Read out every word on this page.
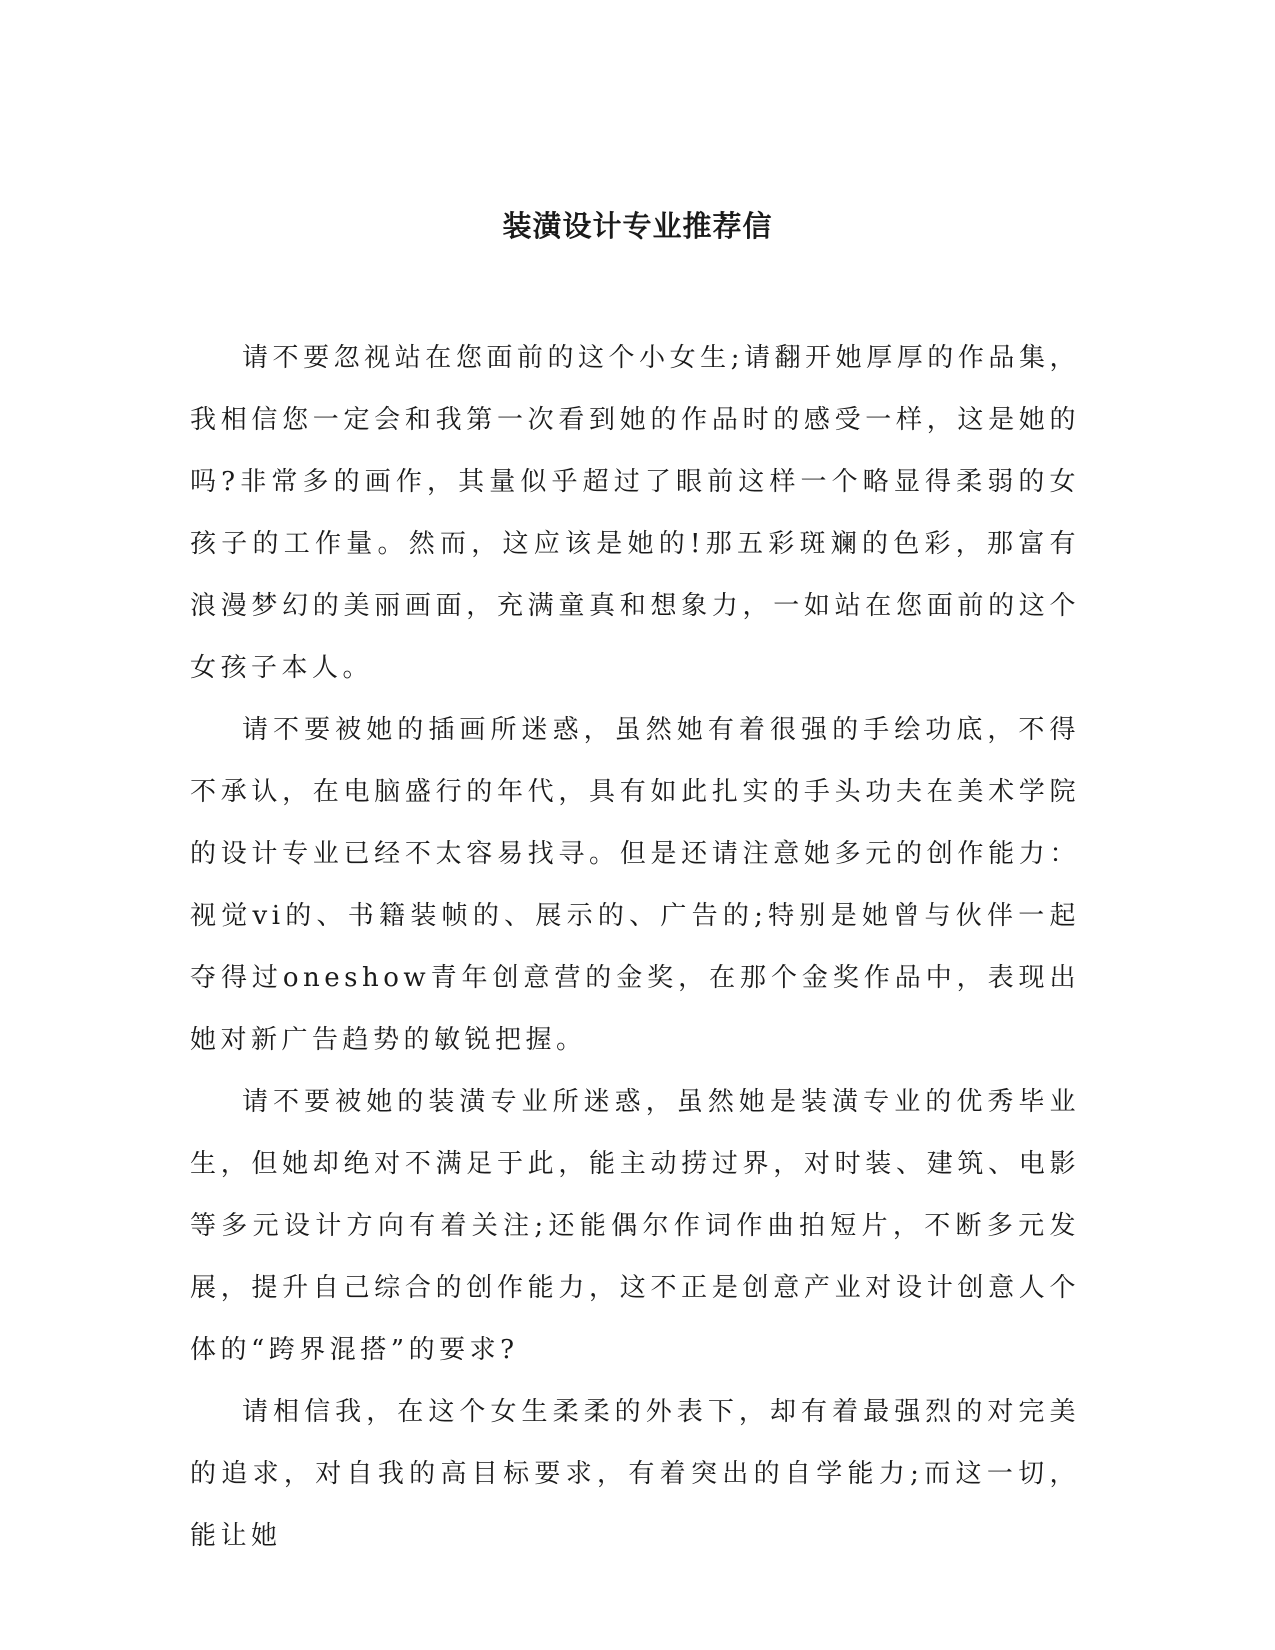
装潢设计专业推荐信

请不要忽视站在您面前的这个小女生;请翻开她厚厚的作品集，我相信您一定会和我第一次看到她的作品时的感受一样，这是她的吗?非常多的画作，其量似乎超过了眼前这样一个略显得柔弱的女孩子的工作量。然而，这应该是她的!那五彩斑斓的色彩，那富有浪漫梦幻的美丽画面，充满童真和想象力，一如站在您面前的这个女孩子本人。

请不要被她的插画所迷惑，虽然她有着很强的手绘功底，不得不承认，在电脑盛行的年代，具有如此扎实的手头功夫在美术学院的设计专业已经不太容易找寻。但是还请注意她多元的创作能力：视觉vi的、书籍装帧的、展示的、广告的;特别是她曾与伙伴一起夺得过oneshow青年创意营的金奖，在那个金奖作品中，表现出她对新广告趋势的敏锐把握。

请不要被她的装潢专业所迷惑，虽然她是装潢专业的优秀毕业生，但她却绝对不满足于此，能主动捞过界，对时装、建筑、电影等多元设计方向有着关注;还能偶尔作词作曲拍短片，不断多元发展，提升自己综合的创作能力，这不正是创意产业对设计创意人个体的“跨界混搭”的要求?

请相信我，在这个女生柔柔的外表下，却有着最强烈的对完美的追求，对自我的高目标要求，有着突出的自学能力;而这一切，能让她
